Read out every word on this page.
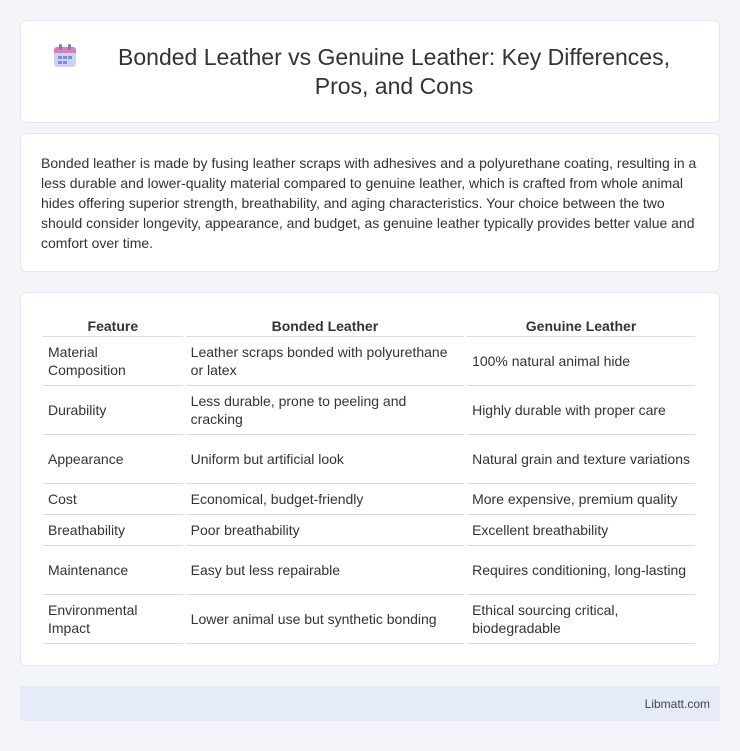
Bonded Leather vs Genuine Leather: Key Differences, Pros, and Cons

Bonded leather is made by fusing leather scraps with adhesives and a polyurethane coating, resulting in a less durable and lower-quality material compared to genuine leather, which is crafted from whole animal hides offering superior strength, breathability, and aging characteristics. Your choice between the two should consider longevity, appearance, and budget, as genuine leather typically provides better value and comfort over time.

Feature	Bonded Leather	Genuine Leather
Material Composition	Leather scraps bonded with polyurethane or latex	100% natural animal hide
Durability	Less durable, prone to peeling and cracking	Highly durable with proper care
Appearance	Uniform but artificial look	Natural grain and texture variations
Cost	Economical, budget-friendly	More expensive, premium quality
Breathability	Poor breathability	Excellent breathability
Maintenance	Easy but less repairable	Requires conditioning, long-lasting
Environmental Impact	Lower animal use but synthetic bonding	Ethical sourcing critical, biodegradable
Libmatt.com
